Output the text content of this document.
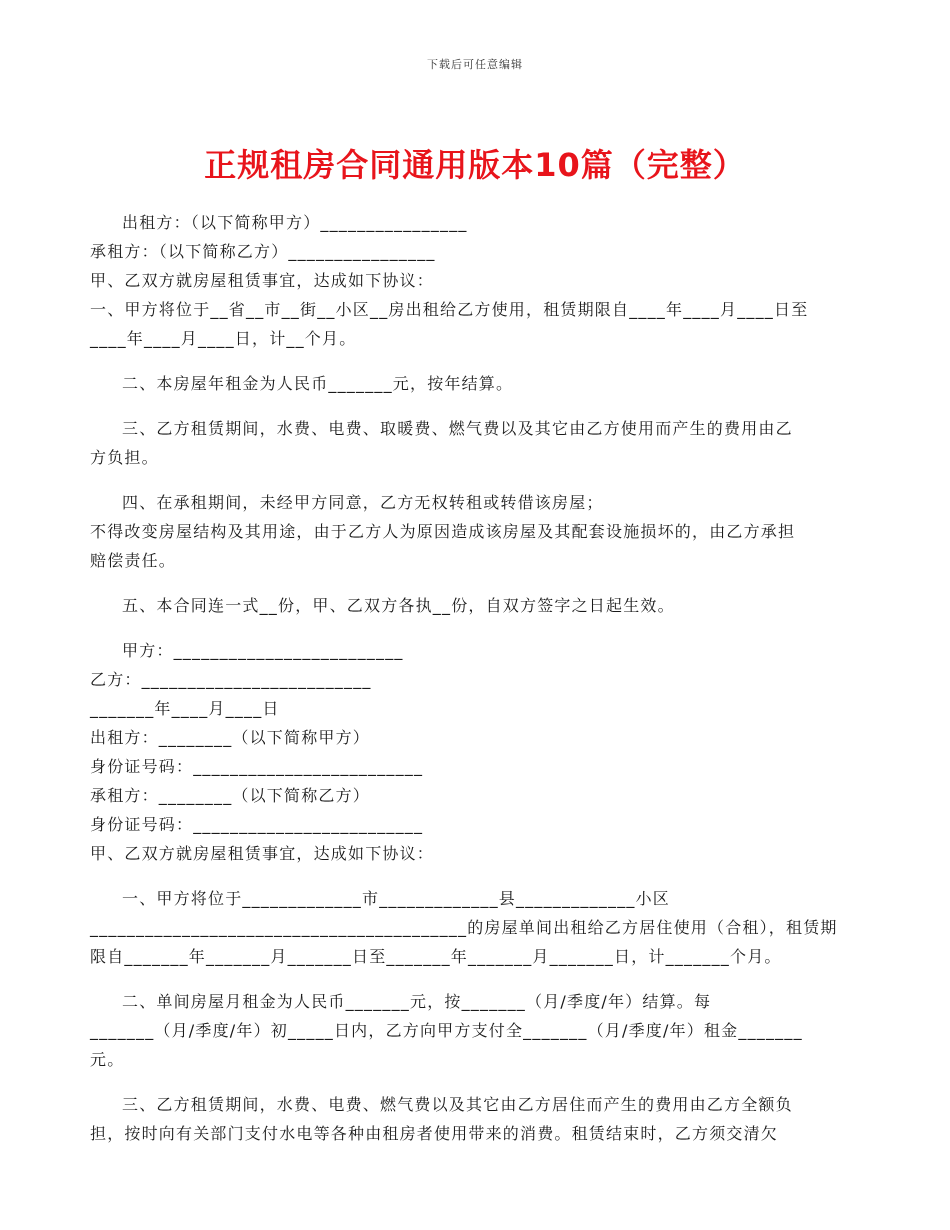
下载后可任意编辑
正规租房合同通用版本10篇（完整）
出租方：（以下简称甲方）________________
承租方：（以下简称乙方）________________
甲、乙双方就房屋租赁事宜，达成如下协议：
一、甲方将位于__省__市__街__小区__房出租给乙方使用，租赁期限自____年____月____日至
____年____月____日，计__个月。
二、本房屋年租金为人民币_______元，按年结算。
三、乙方租赁期间，水费、电费、取暖费、燃气费以及其它由乙方使用而产生的费用由乙
方负担。
四、在承租期间，未经甲方同意，乙方无权转租或转借该房屋；
不得改变房屋结构及其用途，由于乙方人为原因造成该房屋及其配套设施损坏的，由乙方承担
赔偿责任。
五、本合同连一式__份，甲、乙双方各执__份，自双方签字之日起生效。
甲方：_________________________
乙方：_________________________
_______年____月____日
出租方：________（以下简称甲方）
身份证号码：_________________________
承租方：________（以下简称乙方）
身份证号码：_________________________
甲、乙双方就房屋租赁事宜，达成如下协议：
一、甲方将位于_____________市_____________县_____________小区
_________________________________________的房屋单间出租给乙方居住使用（合租），租赁期
限自_______年_______月_______日至_______年_______月_______日，计_______个月。
二、单间房屋月租金为人民币_______元，按_______（月/季度/年）结算。每
_______（月/季度/年）初_____日内，乙方向甲方支付全_______（月/季度/年）租金_______
元。
三、乙方租赁期间，水费、电费、燃气费以及其它由乙方居住而产生的费用由乙方全额负
担，按时向有关部门支付水电等各种由租房者使用带来的消费。租赁结束时，乙方须交清欠
